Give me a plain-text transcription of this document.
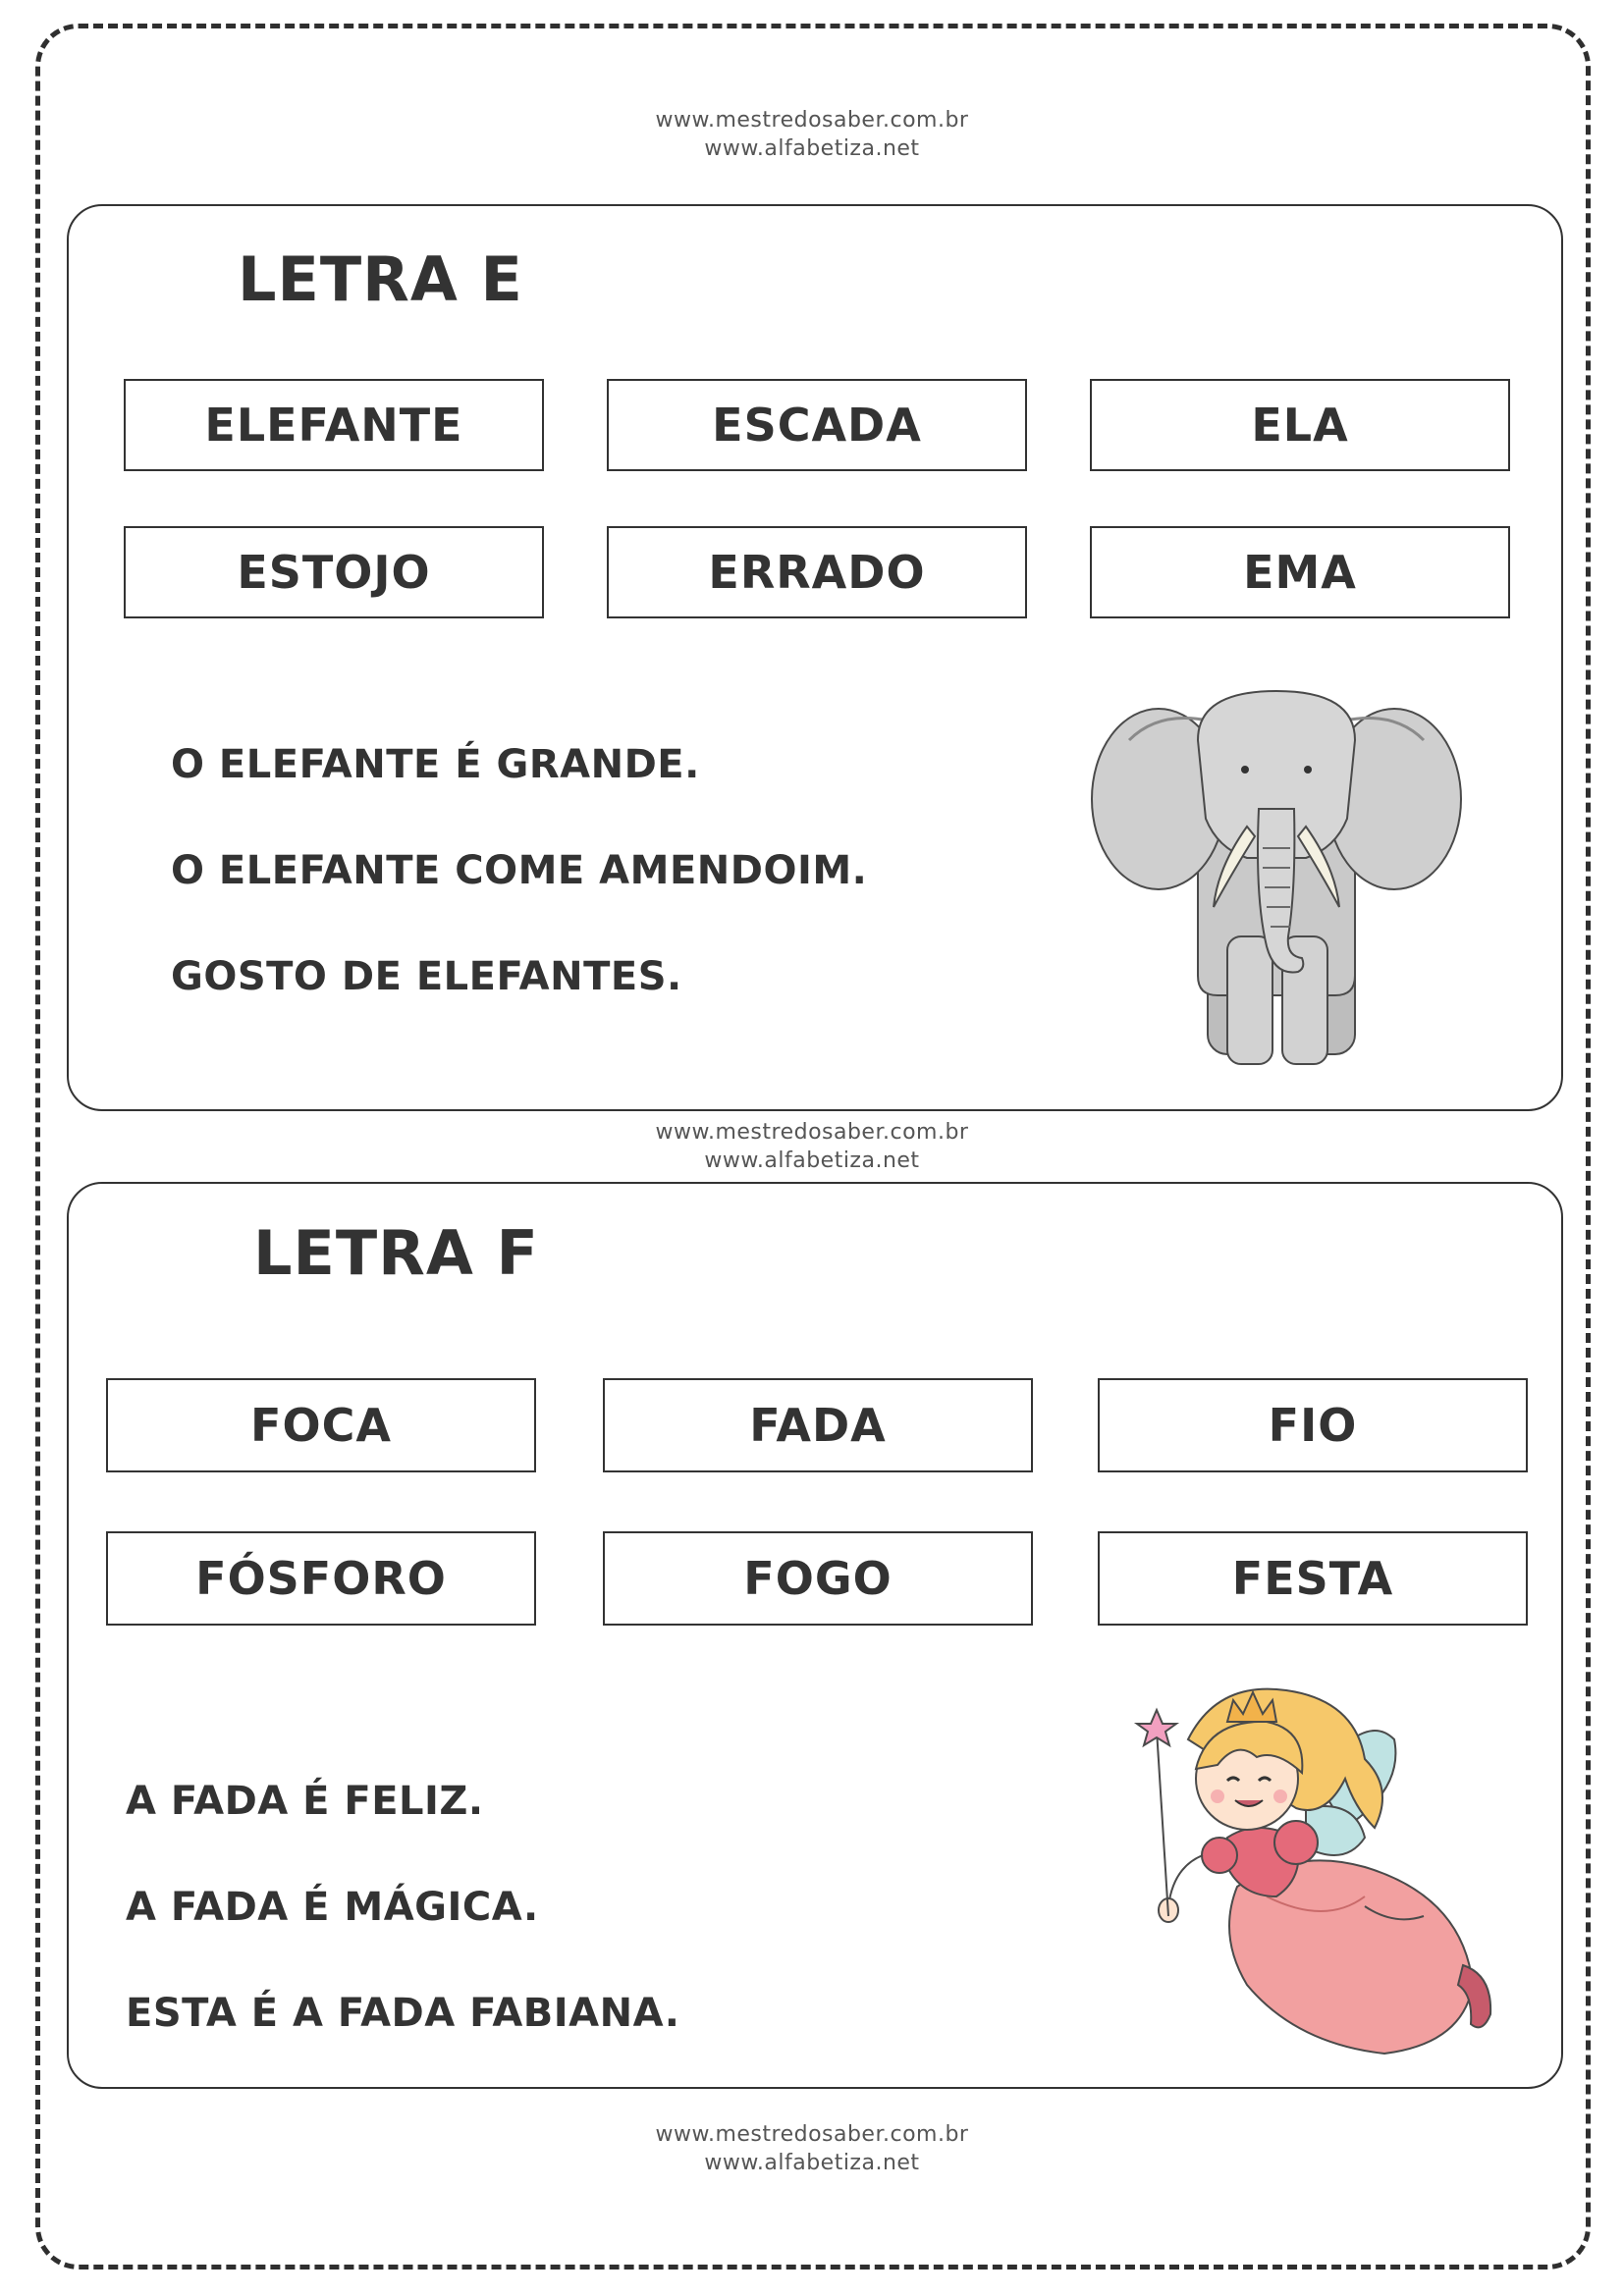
www.mestredosaber.com.br
www.alfabetiza.net
LETRA E
ELEFANTE	ESCADA	ELA
ESTOJO	ERRADO	EMA
O ELEFANTE É GRANDE.
O ELEFANTE COME AMENDOIM.
GOSTO DE ELEFANTES.
www.mestredosaber.com.br
www.alfabetiza.net
LETRA F
FOCA	FADA	FIO
FÓSFORO	FOGO	FESTA
A FADA É FELIZ.
A FADA É MÁGICA.
ESTA É A FADA FABIANA.
www.mestredosaber.com.br
www.alfabetiza.net
